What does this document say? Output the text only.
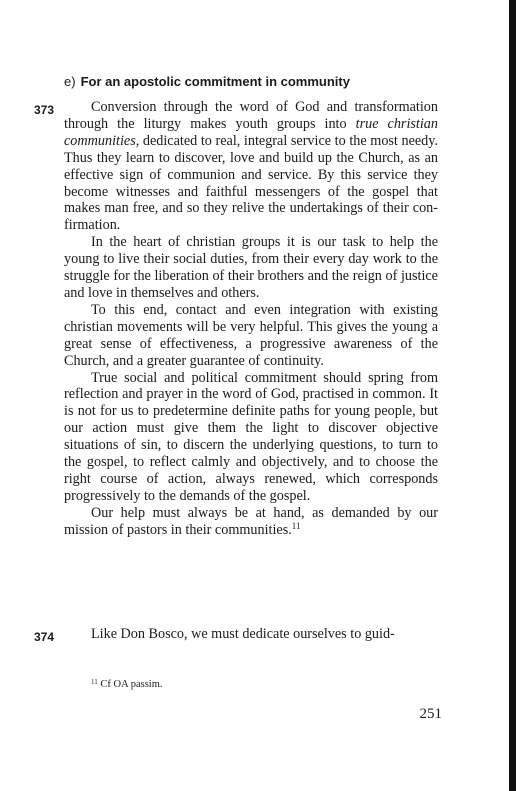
e) For an apostolic commitment in community
373	Conversion through the word of God and transformation through the liturgy makes youth groups into true christian communities, dedicated to real, integral service to the most needy. Thus they learn to discover, love and build up the Church, as an effective sign of communion and service. By this service they become witnesses and faithful messengers of the gospel that makes man free, and so they relive the undertakings of their confirmation.

In the heart of christian groups it is our task to help the young to live their social duties, from their every day work to the struggle for the liberation of their brothers and the reign of justice and love in themselves and others.

To this end, contact and even integration with existing christian movements will be very helpful. This gives the young a great sense of effectiveness, a progressive awareness of the Church, and a greater guarantee of continuity.

True social and political commitment should spring from reflection and prayer in the word of God, practised in common. It is not for us to predetermine definite paths for young people, but our action must give them the light to discover objective situations of sin, to discern the underlying questions, to turn to the gospel, to reflect calmly and objectively, and to choose the right course of action, always renewed, which corresponds progressively to the demands of the gospel.

Our help must always be at hand, as demanded by our mission of pastors in their communities.$^{11}$

374	Like Don Bosco, we must dedicate ourselves to guid-

$^{11}$ Cf OA passim.
251
